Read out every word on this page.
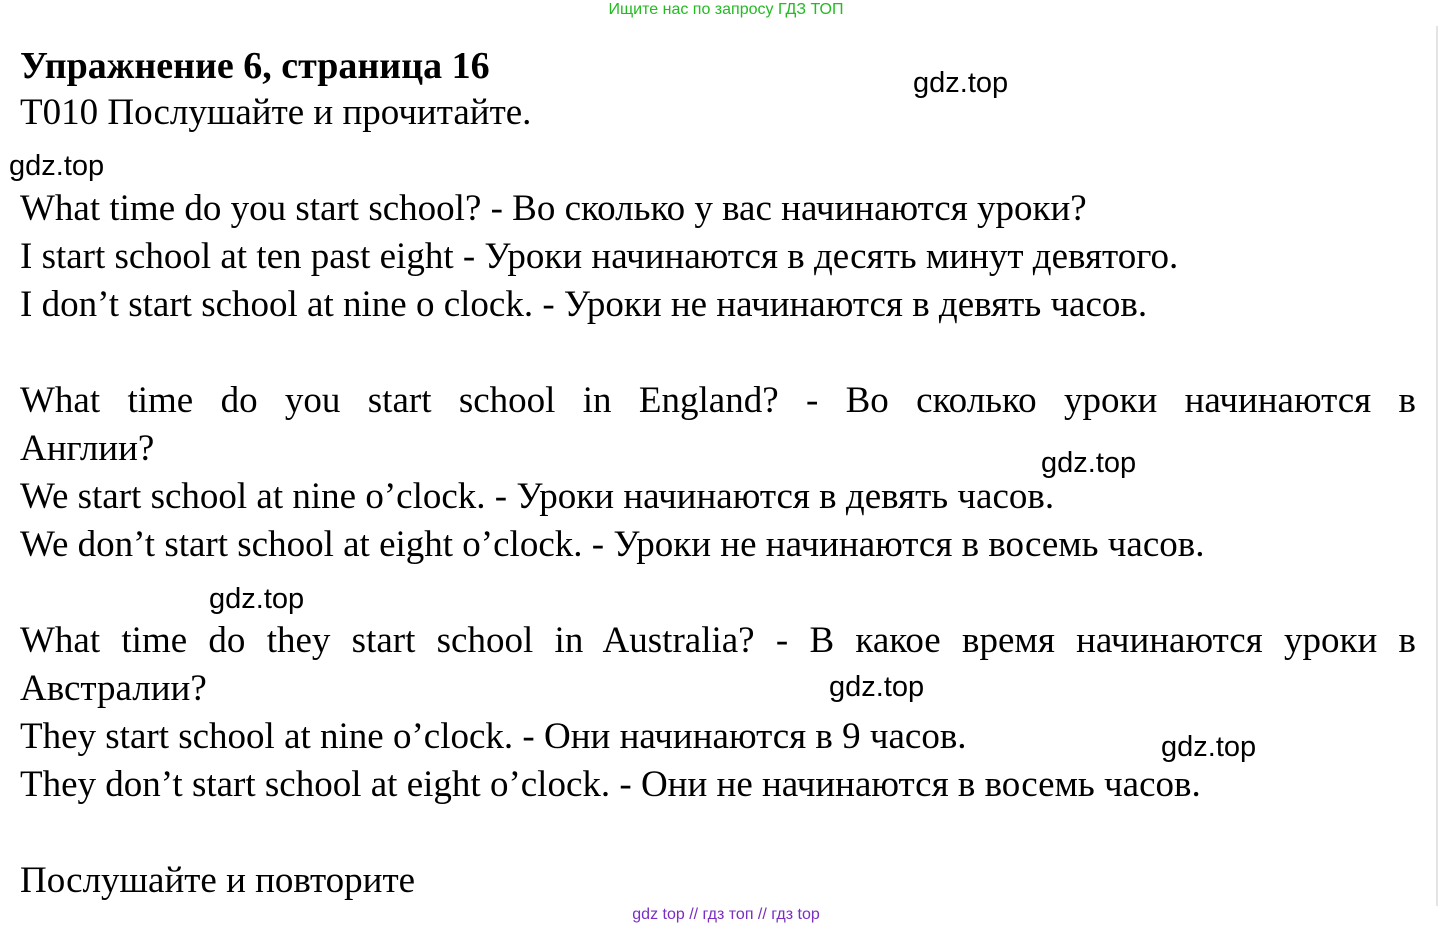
Ищите нас по запросу ГДЗ ТОП
Упражнение 6, страница 16
T010 Послушайте и прочитайте.
What time do you start school? - Во сколько у вас начинаются уроки?
I start school at ten past eight - Уроки начинаются в десять минут девятого.
I don’t start school at nine o clock. - Уроки не начинаются в девять часов.
What time do you start school in England? - Во сколько уроки начинаются в
Англии?
We start school at nine o’clock. - Уроки начинаются в девять часов.
We don’t start school at eight o’clock. - Уроки не начинаются в восемь часов.
What time do they start school in Australia? - В какое время начинаются уроки в
Австралии?
They start school at nine o’clock. - Они начинаются в 9 часов.
They don’t start school at eight o’clock. - Они не начинаются в восемь часов.
Послушайте и повторите
gdz.top
gdz.top
gdz.top
gdz.top
gdz.top
gdz.top
gdz top // гдз топ // гдз top
